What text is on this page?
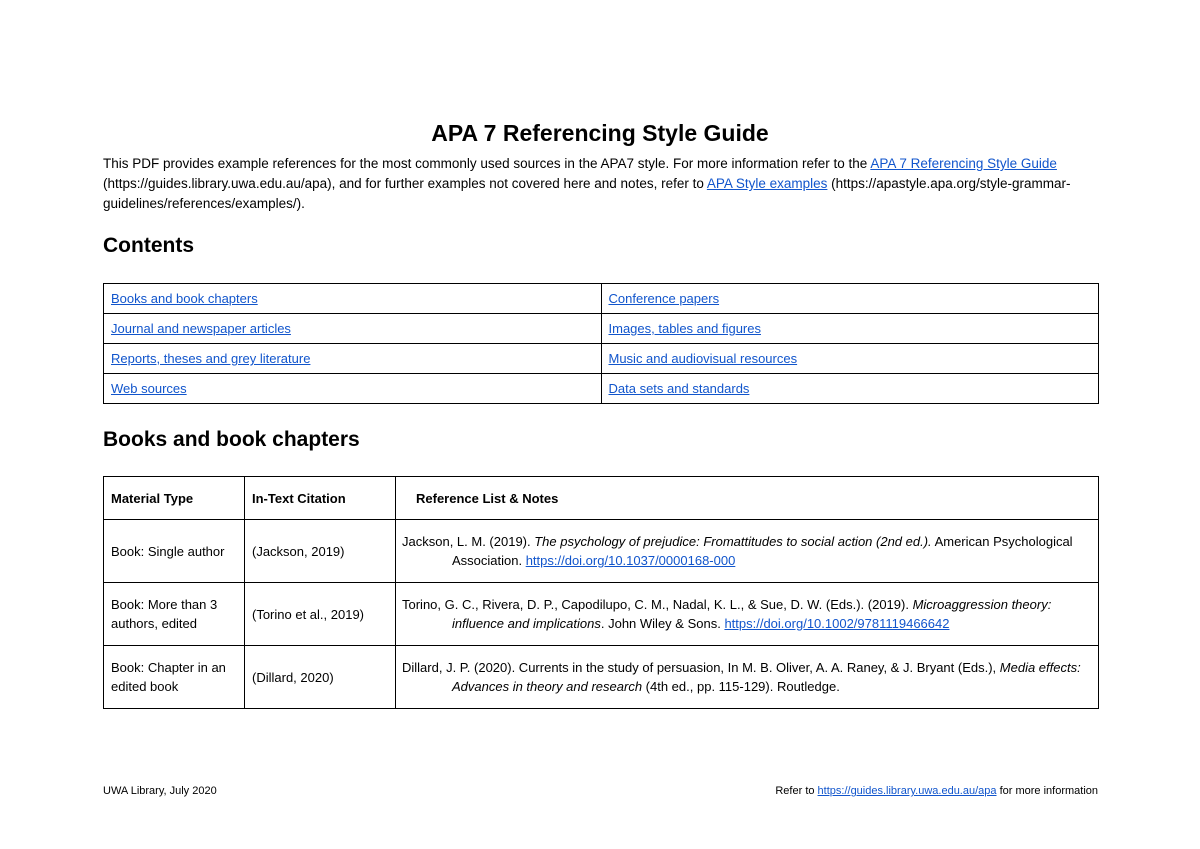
APA 7 Referencing Style Guide
This PDF provides example references for the most commonly used sources in the APA7 style. For more information refer to the APA 7 Referencing Style Guide (https://guides.library.uwa.edu.au/apa), and for further examples not covered here and notes, refer to APA Style examples (https://apastyle.apa.org/style-grammar-guidelines/references/examples/).
Contents
Books and book chapters	Conference papers
Journal and newspaper articles	Images, tables and figures
Reports, theses and grey literature	Music and audiovisual resources
Web sources	Data sets and standards
Books and book chapters
Material Type	In-Text Citation	Reference List & Notes
Book: Single author	(Jackson, 2019)	Jackson, L. M. (2019). The psychology of prejudice: Fromattitudes to social action (2nd ed.). American Psychological Association. https://doi.org/10.1037/0000168-000

Book: More than 3 authors, edited	(Torino et al., 2019)	Torino, G. C., Rivera, D. P., Capodilupo, C. M., Nadal, K. L., & Sue, D. W. (Eds.). (2019). Microaggression theory: influence and implications. John Wiley & Sons. https://doi.org/10.1002/9781119466642

Book: Chapter in an edited book	(Dillard, 2020)	Dillard, J. P. (2020). Currents in the study of persuasion, In M. B. Oliver, A. A. Raney, & J. Bryant (Eds.), Media effects: Advances in theory and research (4th ed., pp. 115-129). Routledge.
UWA Library, July 2020	Refer to https://guides.library.uwa.edu.au/apa for more information
